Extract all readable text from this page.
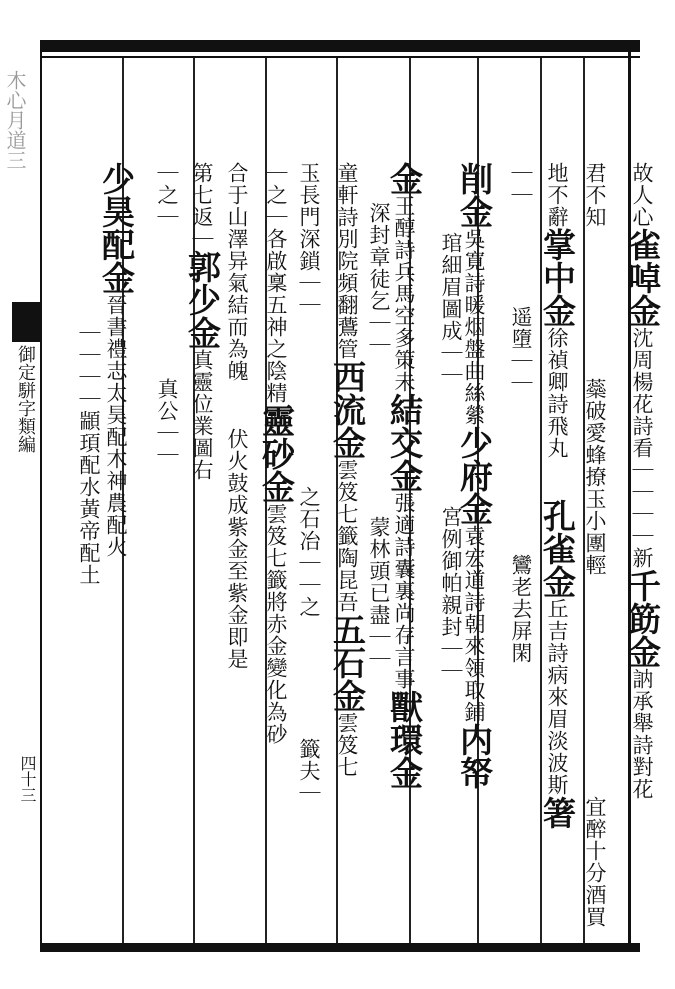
木心月道三
御定駢字類編
四十三

故人心雀啅金沈周楊花詩看｜｜｜｜新千筯金訥承舉詩對花

君不知蘂破愛蜂撩玉小團輕宜醉十分酒買

地不辭掌中金徐禎卿詩飛丸孔雀金丘吉詩病來眉淡波斯箸

｜｜遥墮｜｜鸞老去屏閑

削金吳寛詩暖烟盤曲絲縈少府金袁宏道詩朝來領取鋪内帑

琯細眉圖成｜｜宮例御帕親封｜｜

金王醇詩兵馬空多策未結交金張適詩囊裏尚存言事獸環金

深封章徒乞｜｜蒙林頭已盡｜｜

童軒詩別院頻翻鷰管西流金雲笈七籤陶昆吾五石金雲笈七

玉長門深鎖｜｜之石冶｜｜之籤夫｜

｜之｜各啟稟五神之陰精靈砂金雲笈七籤將赤金變化為砂

合于山澤异氣結而為魄伏火鼓成紫金至紫金即是

第七返｜郭少金真靈位業圖右

｜之｜真公｜｜

少昊配金晉書禮志太昊配木神農配火

｜｜｜｜顓頊配水黃帝配土
